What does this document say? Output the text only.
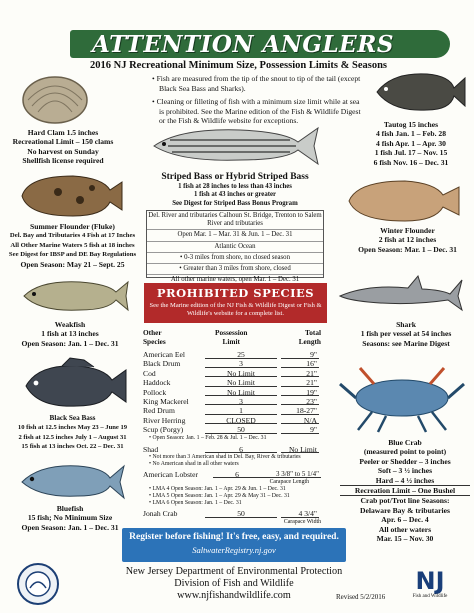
ATTENTION ANGLERS
2016 NJ Recreational Minimum Size, Possession Limits & Seasons
• Fish are measured from the tip of the snout to tip of the tail (except Black Sea Bass and Sharks).
• Cleaning or filleting of fish with a minimum size limit while at sea is prohibited. See the Marine edition of the Fish & Wildlife Digest or the Fish & Wildlife website for exceptions.
Hard Clam 1.5 inches
Recreational Limit – 150 clams
No harvest on Sunday
Shellfish license required
Tautog 15 inches
4 fish Jan. 1 – Feb. 28
4 fish Apr. 1 – Apr. 30
1 fish Jul. 17 – Nov. 15
6 fish Nov. 16 – Dec. 31
Striped Bass or Hybrid Striped Bass
1 fish at 28 inches to less than 43 inches
1 fish at 43 inches or greater
See Digest for Striped Bass Bonus Program
Del. River and tributaries Calhoun St. Bridge, Trenton to Salem River and tributaries
Open Mar. 1 – Mar. 31 & Jun. 1 – Dec. 31
Atlantic Ocean
• 0-3 miles from shore, no closed season
• Greater than 3 miles from shore, closed
All other marine waters, open Mar. 1 – Dec. 31
Summer Flounder (Fluke)
Del. Bay and Tributaries 4 Fish at 17 Inches
All Other Marine Waters 5 fish at 18 inches
See Digest for IBSP and DE Bay Regulations
Open Season: May 21 – Sept. 25
Winter Flounder
2 fish at 12 inches
Open Season: Mar. 1 – Dec. 31
PROHIBITED SPECIES
See the Marine edition of the NJ Fish & Wildlife Digest or Fish & Wildlife's website for a complete list.
Weakfish
1 fish at 13 inches
Open Season: Jan. 1 – Dec. 31
Shark
1 fish per vessel at 54 inches
Seasons: see Marine Digest
Other
Species
Possession
Limit
Total
Length
American Eel	25	9"
Black Drum	3	16"
Cod	No Limit	21"
Haddock	No Limit	21"
Pollock	No Limit	19"
King Mackerel	3	23"
Red Drum	1	18-27"
River Herring	CLOSED	N/A
Scup (Porgy)	50	9"
• Open Season: Jan. 1 – Feb. 28 & Jul. 1 – Dec. 31
Shad	6	No Limit
• Not more than 3 American shad in Del. Bay, River & tributaries
• No American shad in all other waters
American Lobster	6	3 3/8" to 5 1/4"
Carapace Length
• LMA 4 Open Season: Jan. 1 – Apr. 29 & Jun. 1 – Dec. 31
• LMA 5 Open Season: Jan. 1 – Apr. 29 & May 31 – Dec. 31
• LMA 6 Open Season: Jan. 1 – Dec. 31
Jonah Crab	50	4 3/4"
Carapace Width
Black Sea Bass
10 fish at 12.5 inches May 23 – June 19
2 fish at 12.5 inches July 1 – August 31
15 fish at 13 inches Oct. 22 – Dec. 31	Blue Crab
(measured point to point)
Peeler or Shedder – 3 inches
Soft – 3 ½ inches
Hard – 4 ½ inches
Recreation Limit – One Bushel
Crab pot/Trot line Seasons:
Delaware Bay & tributaries
Apr. 6 – Dec. 4
All other waters
Mar. 15 – Nov. 30
Bluefish
15 fish; No Minimum Size
Open Season: Jan. 1 – Dec. 31
Register before fishing! It's free, easy, and required.
SaltwaterRegistry.nj.gov
New Jersey Department of Environmental Protection
Division of Fish and Wildlife
www.njfishandwildlife.com	Revised 5/2/2016
NJ
Fish and Wildlife
